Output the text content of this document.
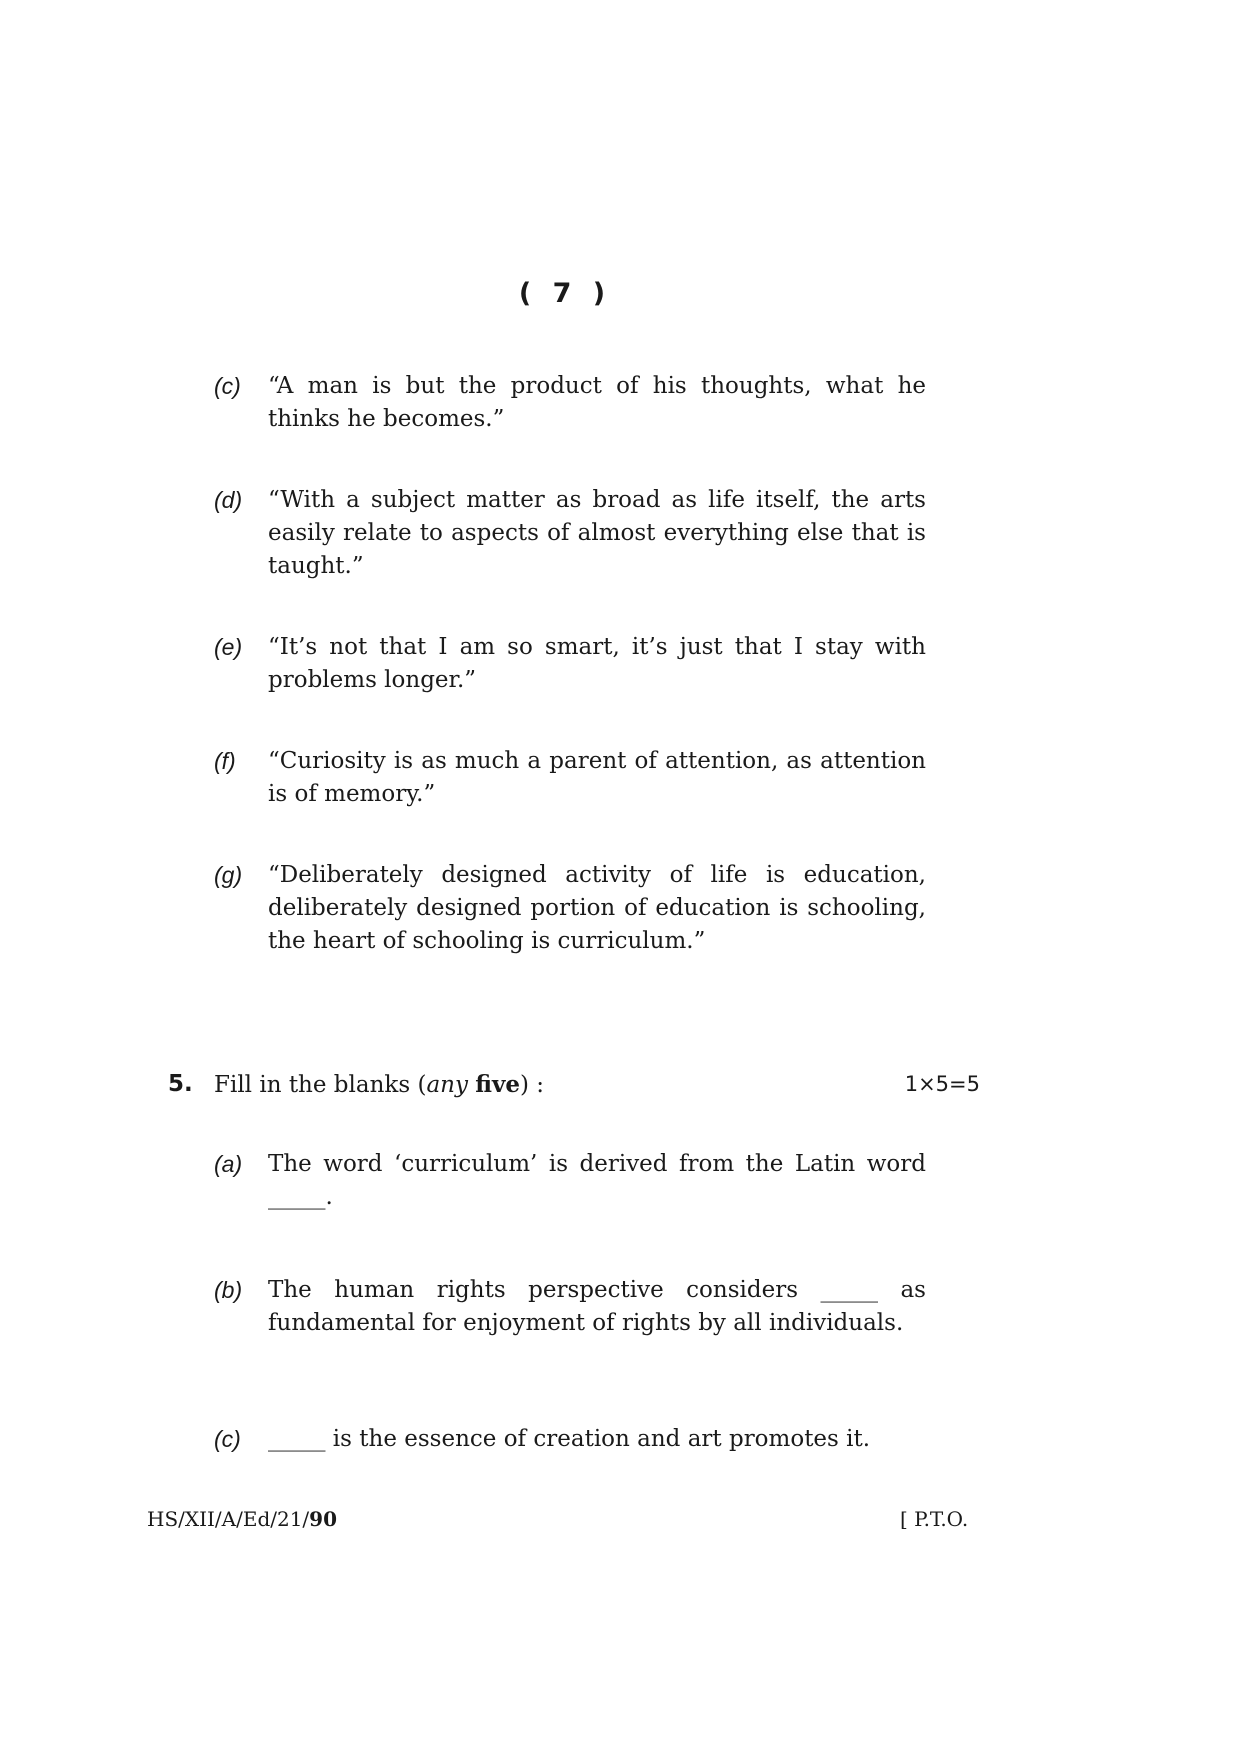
( 7 )
(c) “A man is but the product of his thoughts, what he thinks he becomes.”
(d) “With a subject matter as broad as life itself, the arts easily relate to aspects of almost everything else that is taught.”
(e) “It’s not that I am so smart, it’s just that I stay with problems longer.”
(f) “Curiosity is as much a parent of attention, as attention is of memory.”
(g) “Deliberately designed activity of life is education, deliberately designed portion of education is schooling, the heart of schooling is curriculum.”
5. Fill in the blanks (any five) :	1×5=5
(a) The word ‘curriculum’ is derived from the Latin word _____.
(b) The human rights perspective considers _____ as fundamental for enjoyment of rights by all individuals.
(c) _____ is the essence of creation and art promotes it.
HS/XII/A/Ed/21/90	[ P.T.O.
